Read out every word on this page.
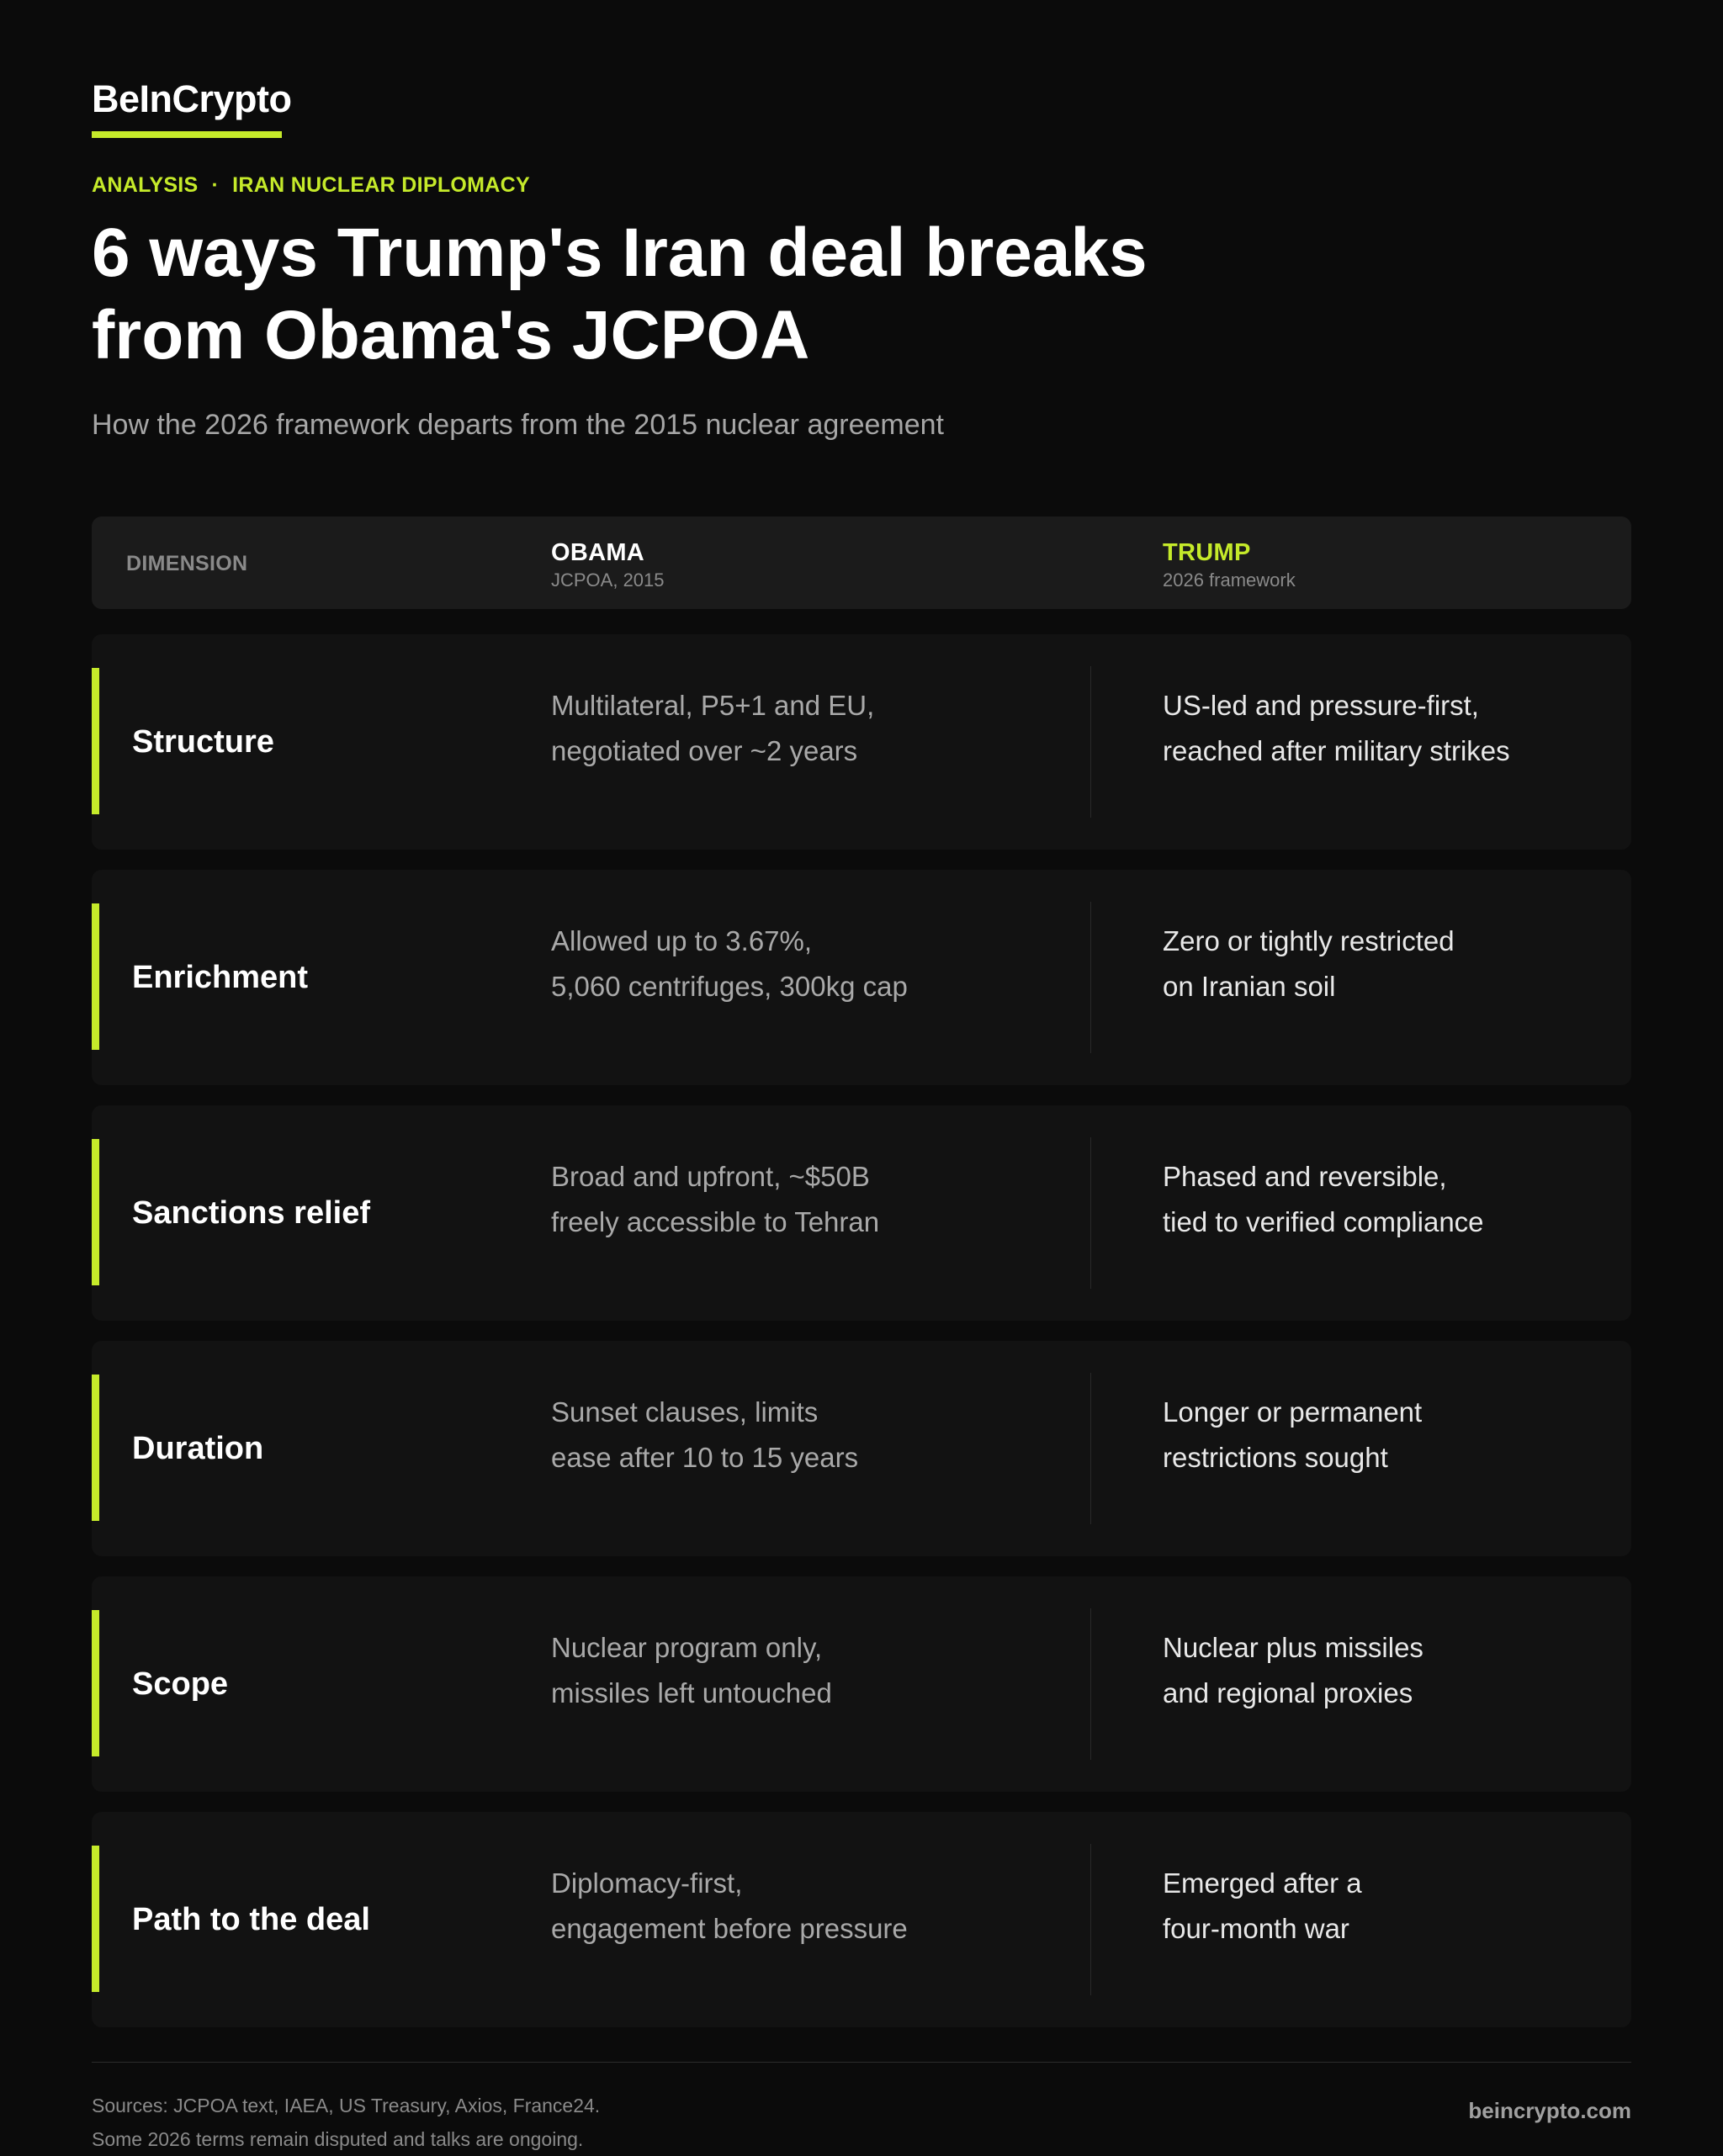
BeInCrypto
ANALYSIS · IRAN NUCLEAR DIPLOMACY
6 ways Trump's Iran deal breaks from Obama's JCPOA
How the 2026 framework departs from the 2015 nuclear agreement
DIMENSION	OBAMA
JCPOA, 2015
TRUMP
2026 framework
Structure
Multilateral, P5+1 and EU,
negotiated over ~2 years
US-led and pressure-first,
reached after military strikes
Enrichment
Allowed up to 3.67%,
5,060 centrifuges, 300kg cap
Zero or tightly restricted
on Iranian soil
Sanctions relief
Broad and upfront, ~$50B
freely accessible to Tehran
Phased and reversible,
tied to verified compliance
Duration
Sunset clauses, limits
ease after 10 to 15 years
Longer or permanent
restrictions sought
Scope
Nuclear program only,
missiles left untouched
Nuclear plus missiles
and regional proxies
Path to the deal
Diplomacy-first,
engagement before pressure
Emerged after a
four-month war
Sources: JCPOA text, IAEA, US Treasury, Axios, France24.
Some 2026 terms remain disputed and talks are ongoing.
beincrypto.com
